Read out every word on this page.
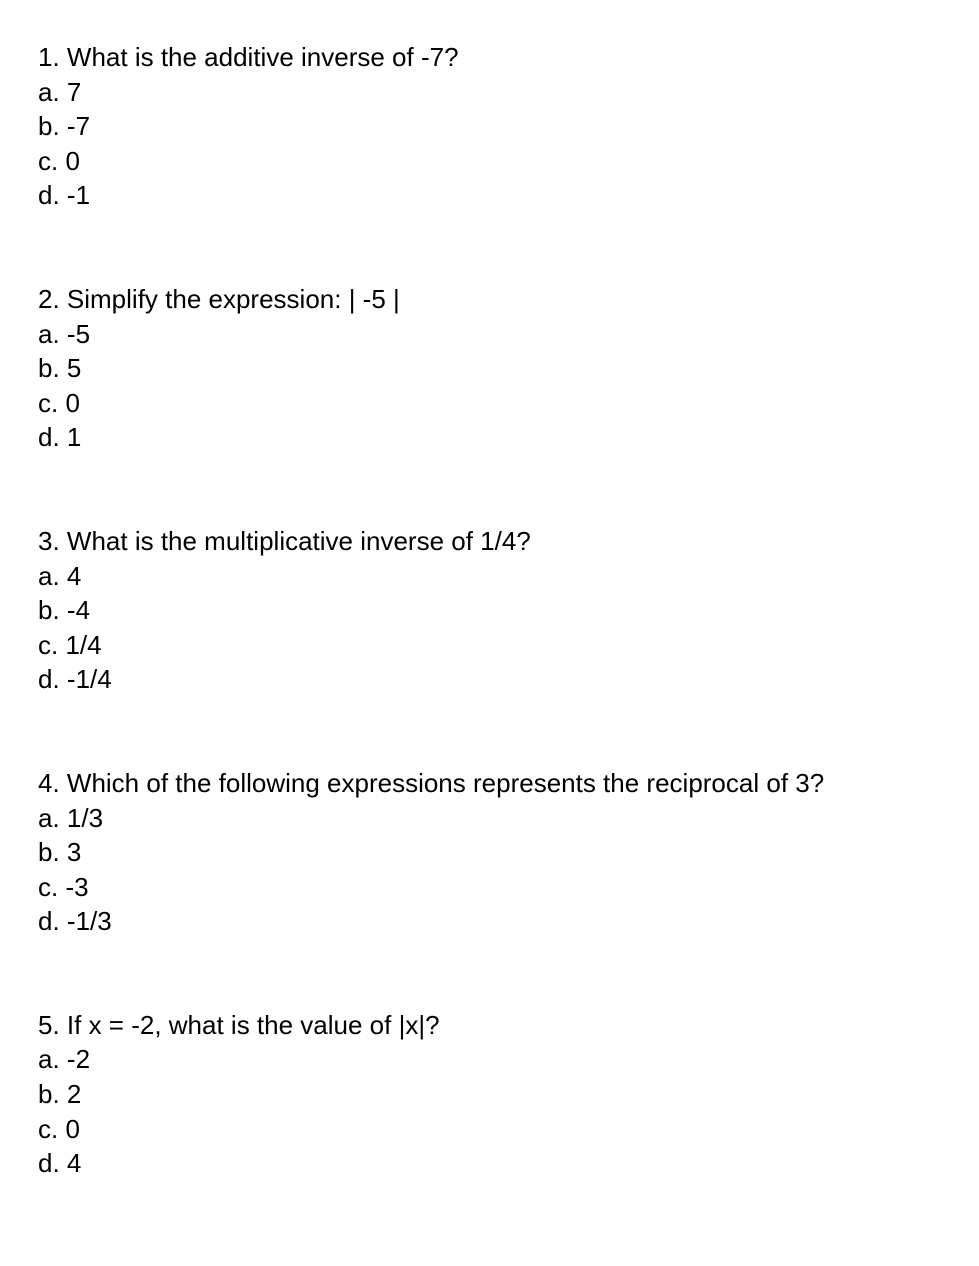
1. What is the additive inverse of -7?

a. 7

b. -7

c. 0

d. -1

2. Simplify the expression: | -5 |

a. -5

b. 5

c. 0

d. 1

3. What is the multiplicative inverse of 1/4?

a. 4

b. -4

c. 1/4

d. -1/4

4. Which of the following expressions represents the reciprocal of 3?

a. 1/3

b. 3

c. -3

d. -1/3

5. If x = -2, what is the value of |x|?

a. -2

b. 2

c. 0

d. 4
